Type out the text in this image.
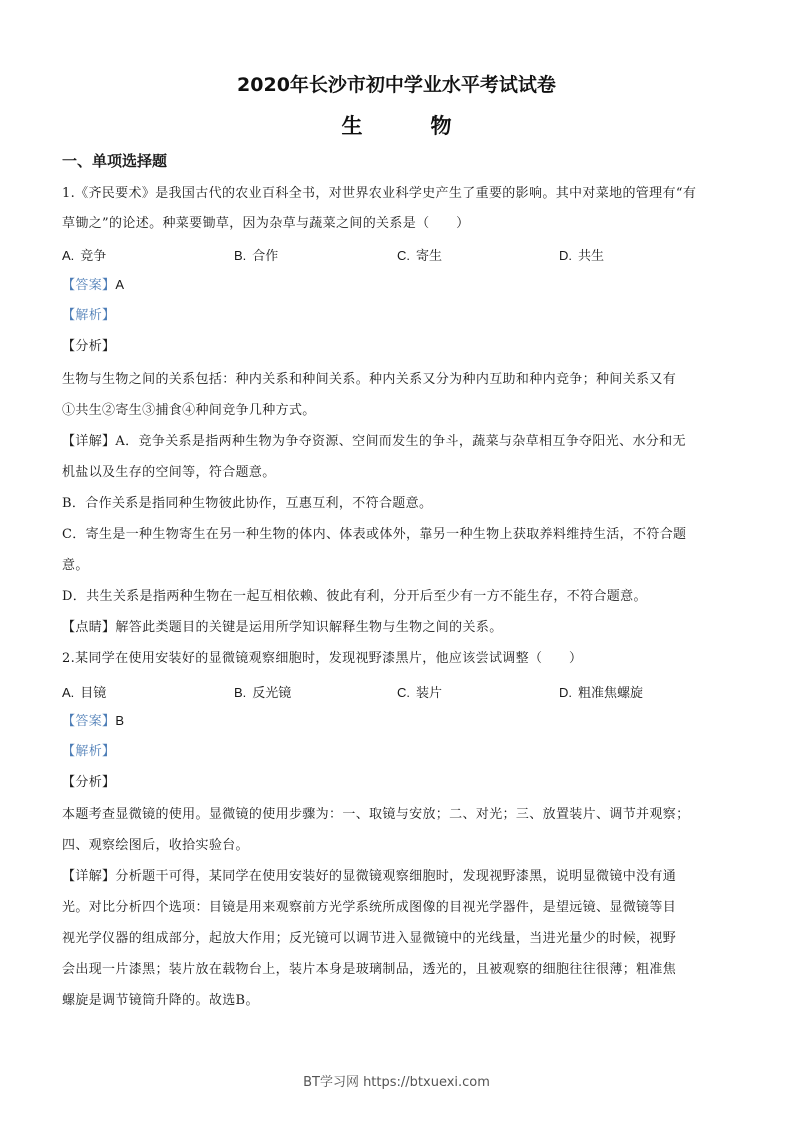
2020年长沙市初中学业水平考试试卷
生	物
一、单项选择题
1.《齐民要术》是我国古代的农业百科全书，对世界农业科学史产生了重要的影响。其中对菜地的管理有“有
草锄之”的论述。种菜要锄草，因为杂草与蔬菜之间的关系是（　　）
A. 竞争	B. 合作	C. 寄生	D. 共生
【答案】A
【解析】
【分析】
生物与生物之间的关系包括：种内关系和种间关系。种内关系又分为种内互助和种内竞争；种间关系又有
①共生②寄生③捕食④种间竞争几种方式。
【详解】A．竞争关系是指两种生物为争夺资源、空间而发生的争斗，蔬菜与杂草相互争夺阳光、水分和无
机盐以及生存的空间等，符合题意。
B．合作关系是指同种生物彼此协作，互惠互利，不符合题意。
C．寄生是一种生物寄生在另一种生物的体内、体表或体外，靠另一种生物上获取养料维持生活，不符合题
意。
D．共生关系是指两种生物在一起互相依赖、彼此有利，分开后至少有一方不能生存，不符合题意。
【点睛】解答此类题目的关键是运用所学知识解释生物与生物之间的关系。
2.某同学在使用安装好的显微镜观察细胞时，发现视野漆黑片，他应该尝试调整（　　）
A. 目镜	B. 反光镜	C. 装片	D. 粗准焦螺旋
【答案】B
【解析】
【分析】
本题考查显微镜的使用。显微镜的使用步骤为：一、取镜与安放；二、对光；三、放置装片、调节并观察；
四、观察绘图后，收拾实验台。
【详解】分析题干可得，某同学在使用安装好的显微镜观察细胞时，发现视野漆黑，说明显微镜中没有通
光。对比分析四个选项：目镜是用来观察前方光学系统所成图像的目视光学器件，是望远镜、显微镜等目
视光学仪器的组成部分，起放大作用；反光镜可以调节进入显微镜中的光线量，当进光量少的时候，视野
会出现一片漆黑；装片放在载物台上，装片本身是玻璃制品，透光的，且被观察的细胞往往很薄；粗准焦
螺旋是调节镜筒升降的。故选B。
BT学习网 https://btxuexi.com
